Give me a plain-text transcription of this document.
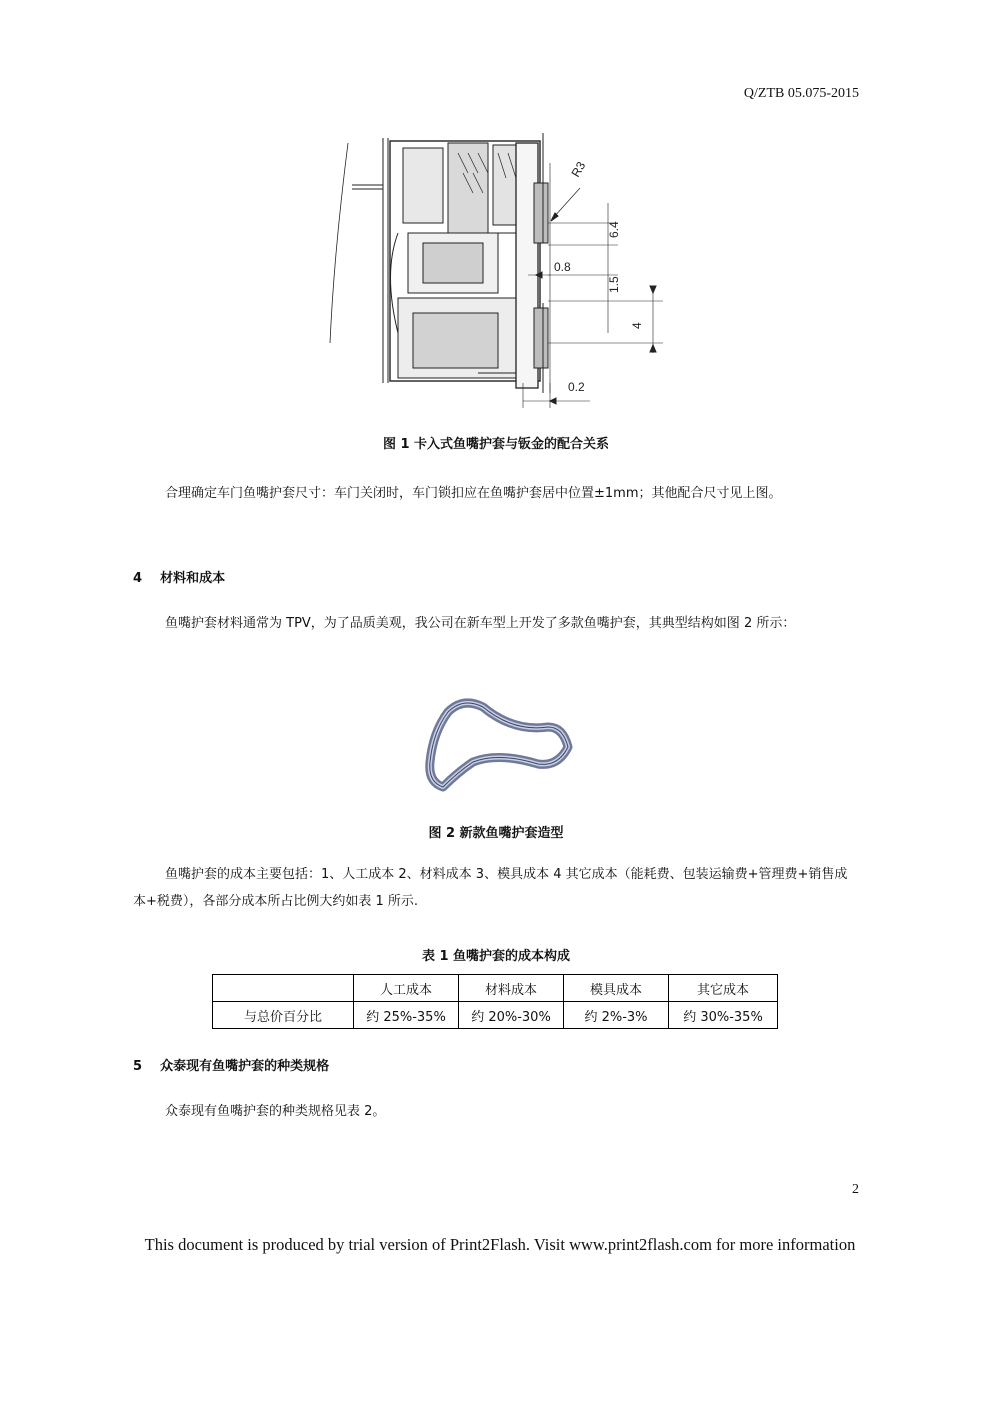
Q/ZTB 05.075-2015
R3
6.4
0.8
1.5
4
0.2
图 1 卡入式鱼嘴护套与钣金的配合关系
合理确定车门鱼嘴护套尺寸：车门关闭时，车门锁扣应在鱼嘴护套居中位置±1mm；其他配合尺寸见上图。
4 材料和成本
鱼嘴护套材料通常为 TPV，为了品质美观，我公司在新车型上开发了多款鱼嘴护套，其典型结构如图 2 所示：
图 2 新款鱼嘴护套造型
鱼嘴护套的成本主要包括：1、人工成本 2、材料成本 3、模具成本 4 其它成本（能耗费、包装运输费+管理费+销售成本+税费），各部分成本所占比例大约如表 1 所示.
表 1 鱼嘴护套的成本构成
	人工成本	材料成本	模具成本	其它成本
与总价百分比	约 25%-35%	约 20%-30%	约 2%-3%	约 30%-35%
5 众泰现有鱼嘴护套的种类规格
众泰现有鱼嘴护套的种类规格见表 2。
2
This document is produced by trial version of Print2Flash. Visit www.print2flash.com for more information
